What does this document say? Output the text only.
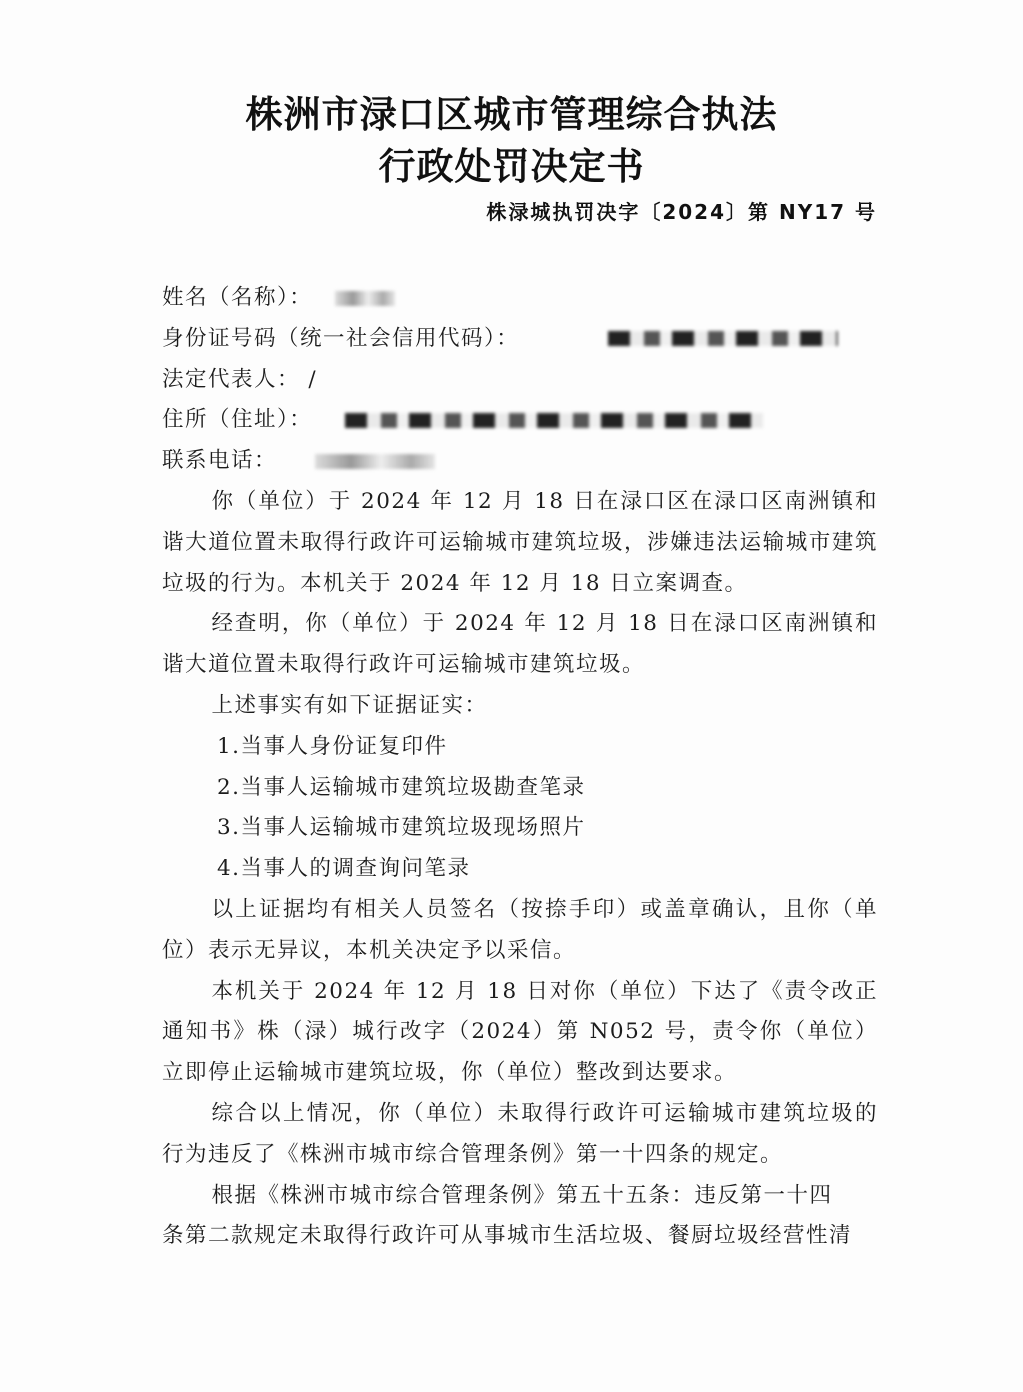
株洲市渌口区城市管理综合执法
行政处罚决定书
株渌城执罚决字〔2024〕第 NY17 号
姓名（名称）：
身份证号码（统一社会信用代码）：
法定代表人： /
住所（住址）：
联系电话：
你（单位）于 2024 年 12 月 18 日在渌口区在渌口区南洲镇和谐大道位置未取得行政许可运输城市建筑垃圾，涉嫌违法运输城市建筑垃圾的行为。本机关于 2024 年 12 月 18 日立案调查。
经查明，你（单位）于 2024 年 12 月 18 日在渌口区南洲镇和谐大道位置未取得行政许可运输城市建筑垃圾。
上述事实有如下证据证实：
1.当事人身份证复印件
2.当事人运输城市建筑垃圾勘查笔录
3.当事人运输城市建筑垃圾现场照片
4.当事人的调查询问笔录
以上证据均有相关人员签名（按捺手印）或盖章确认，且你（单位）表示无异议，本机关决定予以采信。
本机关于 2024 年 12 月 18 日对你（单位）下达了《责令改正通知书》株（渌）城行改字（2024）第 N052 号，责令你（单位）立即停止运输城市建筑垃圾，你（单位）整改到达要求。
综合以上情况，你（单位）未取得行政许可运输城市建筑垃圾的行为违反了《株洲市城市综合管理条例》第一十四条的规定。
根据《株洲市城市综合管理条例》第五十五条：违反第一十四
条第二款规定未取得行政许可从事城市生活垃圾、餐厨垃圾经营性清
